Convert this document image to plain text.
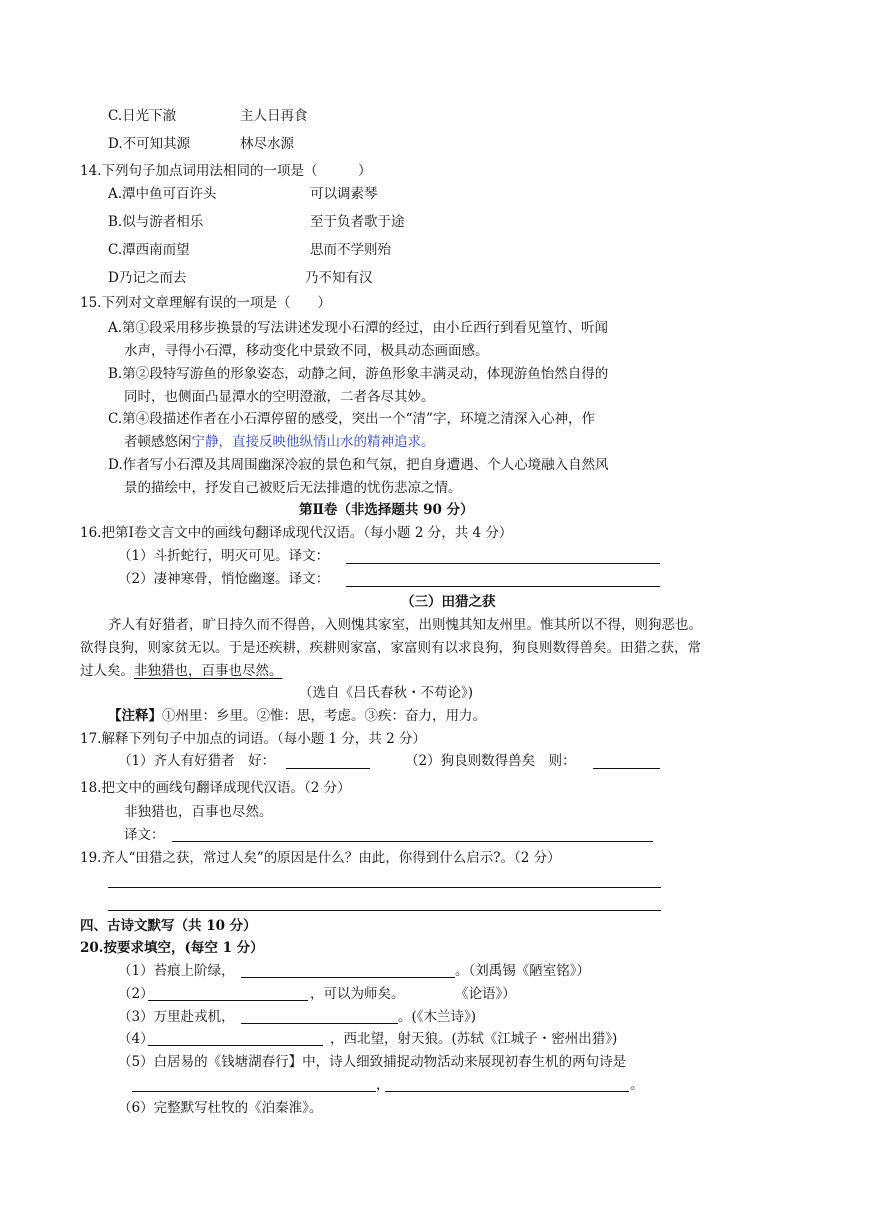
C.日光下澈	主人日再食
D.不可知其源	林尽水源
14.下列句子加点词用法相同的一项是（　　　）
A.潭中鱼可百许头	可以调素琴
B.似与游者相乐	至于负者歌于途
C.潭西南而望	思而不学则殆
D乃记之而去	乃不知有汉
15.下列对文章理解有误的一项是（　　）
A.第①段采用移步换景的写法讲述发现小石潭的经过，由小丘西行到看见篁竹、听闻
水声，寻得小石潭，移动变化中景致不同，极具动态画面感。
B.第②段特写游鱼的形象姿态，动静之间，游鱼形象丰满灵动，体现游鱼怡然自得的
同时，也侧面凸显潭水的空明澄澈，二者各尽其妙。
C.第④段描述作者在小石潭停留的感受，突出一个“清”字，环境之清深入心神，作
者顿感悠闲宁静，直接反映他纵情山水的精神追求。
D.作者写小石潭及其周围幽深冷寂的景色和气氛，把自身遭遇、个人心境融入自然风
景的描绘中，抒发自己被贬后无法排遣的忧伤悲凉之情。
第Ⅱ卷（非选择题共 90 分）
16.把第Ⅰ卷文言文中的画线句翻译成现代汉语。（每小题 2 分，共 4 分）
（1）斗折蛇行，明灭可见。译文：
（2）凄神寒骨，悄怆幽邃。译文：
（三）田猎之获
齐人有好猎者，旷日持久而不得兽，入则愧其家室，出则愧其知友州里。惟其所以不得，则狗恶也。
欲得良狗，则家贫无以。于是还疾耕，疾耕则家富，家富则有以求良狗，狗良则数得兽矣。田猎之获，常
过人矣。非独猎也，百事也尽然。
（选自《吕氏春秋・不苟论》)
【注释】①州里：乡里。②惟：思，考虑。③疾：奋力，用力。
17.解释下列句子中加点的词语。（每小题 1 分，共 2 分）
（1）齐人有好猎者　好：	（2）狗良则数得兽矣　则：
18.把文中的画线句翻译成现代汉语。（2 分）
非独猎也，百事也尽然。
译文：
19.齐人“田猎之获，常过人矣”的原因是什么？由此，你得到什么启示?。（2 分）
四、古诗文默写（共 10 分）
20.按要求填空，(每空 1 分）
（1）苔痕上阶绿，	。（刘禹锡《陋室铭》）
（2）	，可以为师矣。	《论语》）
（3）万里赴戎机，	。(《木兰诗》)
（4）	，西北望，射天狼。(苏轼《江城子・密州出猎》)
（5）白居易的《钱塘湖春行】中，诗人细致捕捉动物活动来展现初春生机的两句诗是
，	。
（6）完整默写杜牧的《泊秦淮》。
